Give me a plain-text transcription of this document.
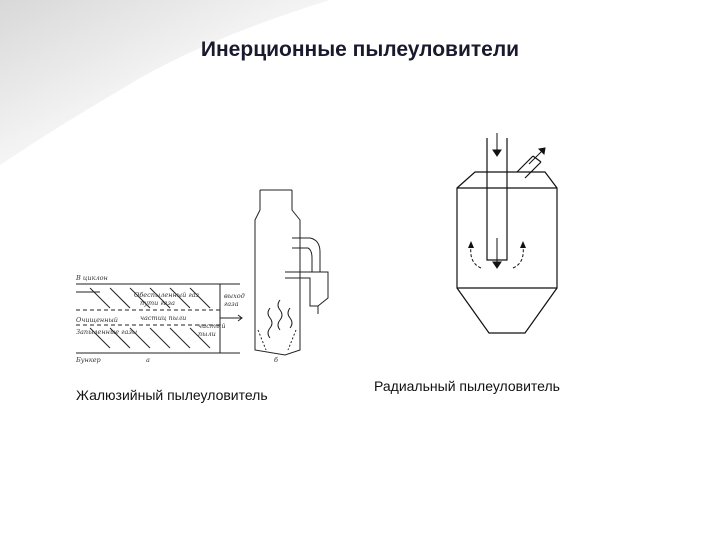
Инерционные пылеуловители
В циклон
Обеспыленный газ
пути газа
частиц пыли
Очищенный
Запыленные газы
выход
газа
чистый
пыли
Бункер	а	б
Жалюзийный пылеуловитель
Радиальный пылеуловитель
